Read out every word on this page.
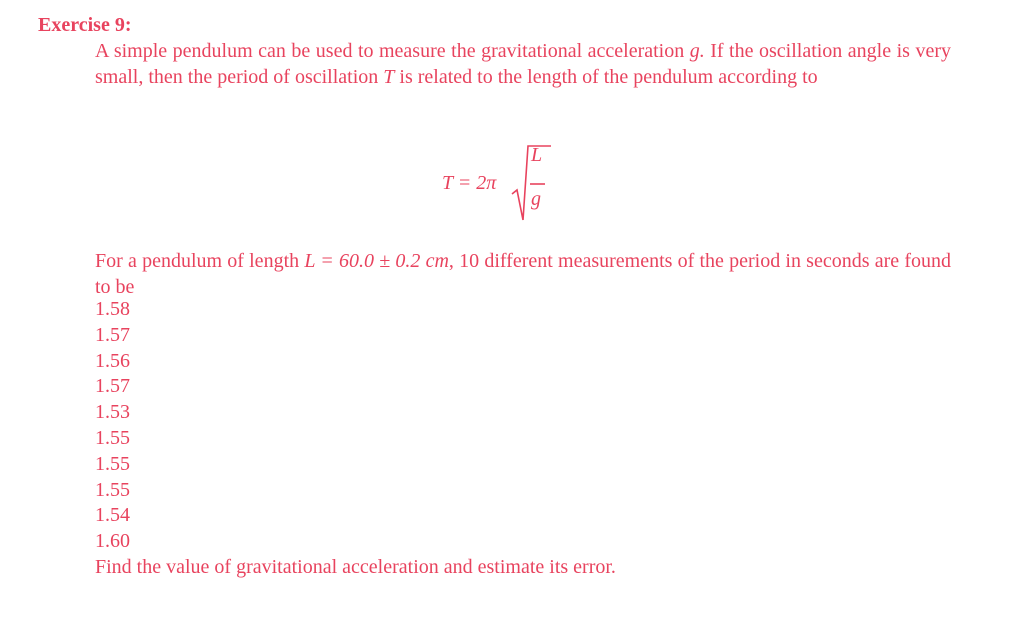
Exercise 9:

A simple pendulum can be used to measure the gravitational acceleration g. If the oscillation angle is very small, then the period of oscillation T is related to the length of the pendulum according to

T = 2π
L
g

For a pendulum of length L = 60.0 ± 0.2 cm, 10 different measurements of the period in seconds are found to be

1.58
1.57
1.56
1.57
1.53
1.55
1.55
1.55
1.54
1.60
Find the value of gravitational acceleration and estimate its error.
